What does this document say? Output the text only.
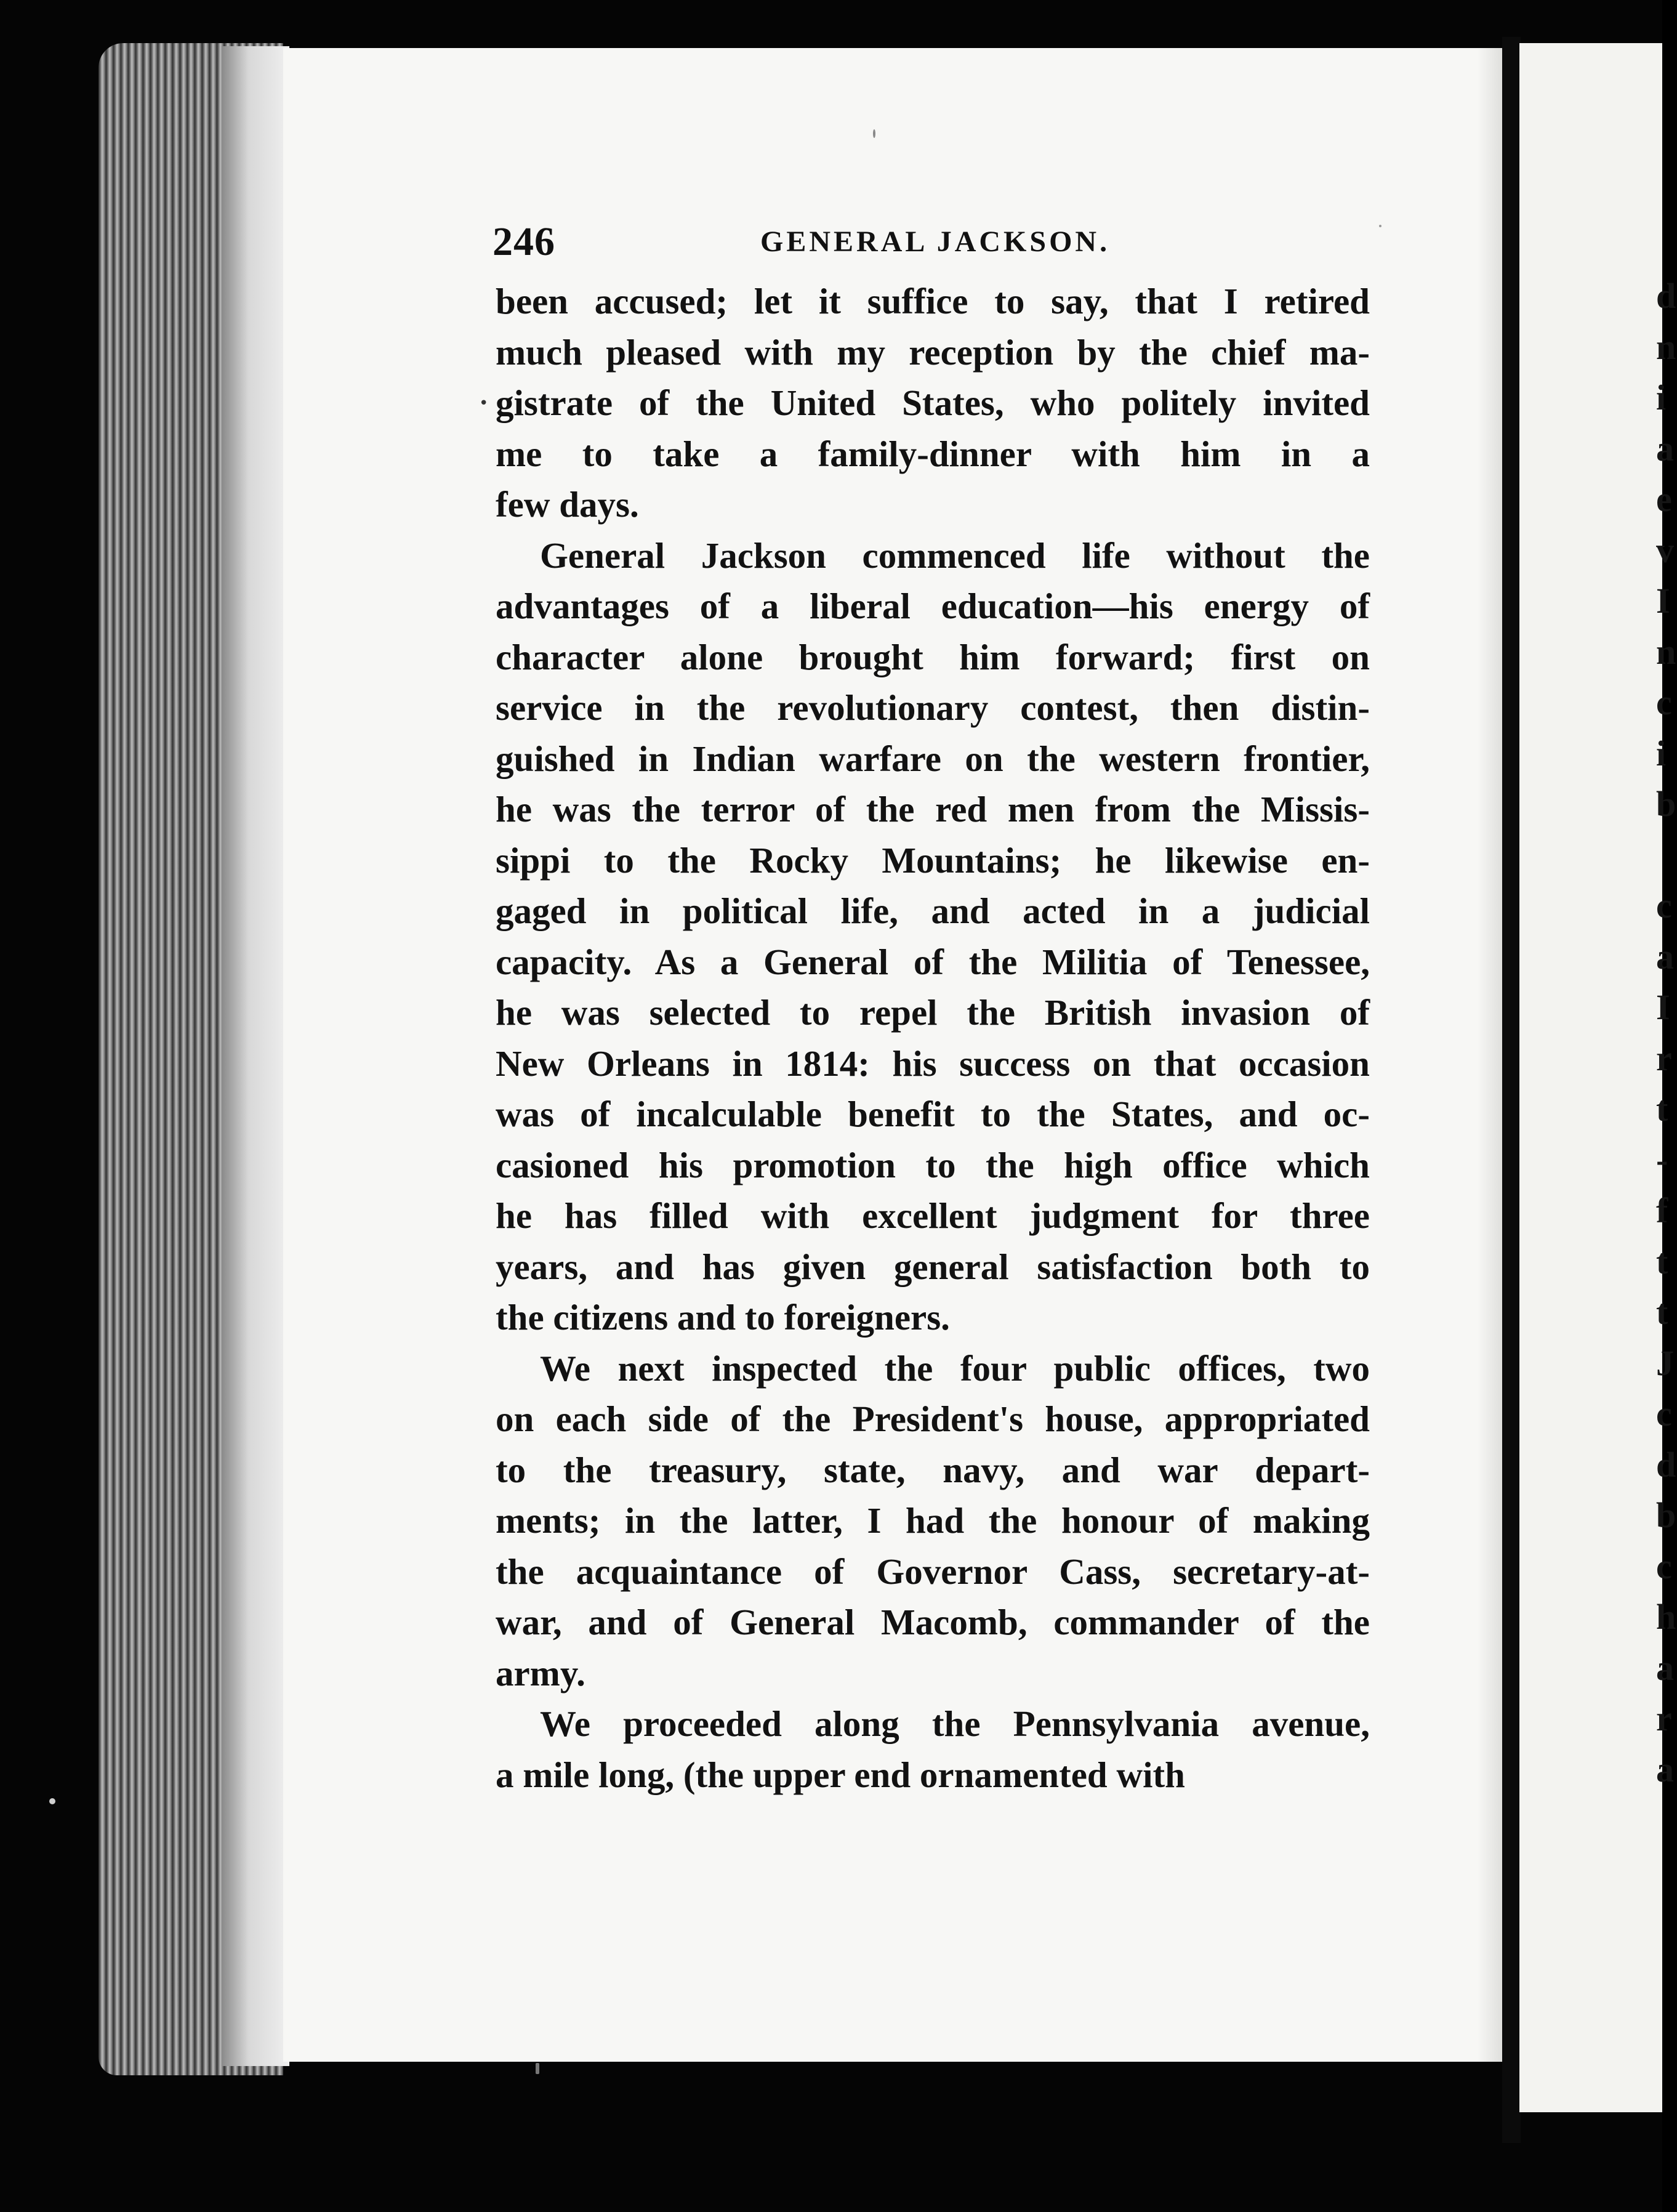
246	GENERAL JACKSON.
•
been accused; let it suffice to say, that I retired
much pleased with my reception by the chief ma-
gistrate of the United States, who politely invited
me to take a family-dinner with him in a
few days.
General Jackson commenced life without the
advantages of a liberal education—his energy of
character alone brought him forward; first on
service in the revolutionary contest, then distin-
guished in Indian warfare on the western frontier,
he was the terror of the red men from the Missis-
sippi to the Rocky Mountains; he likewise en-
gaged in political life, and acted in a judicial
capacity. As a General of the Militia of Tenessee,
he was selected to repel the British invasion of
New Orleans in 1814: his success on that occasion
was of incalculable benefit to the States, and oc-
casioned his promotion to the high office which
he has filled with excellent judgment for three
years, and has given general satisfaction both to
the citizens and to foreigners.
We next inspected the four public offices, two
on each side of the President's house, appropriated
to the treasury, state, navy, and war depart-
ments; in the latter, I had the honour of making
the acquaintance of Governor Cass, secretary-at-
war, and of General Macomb, commander of the
army.
We proceeded along the Pennsylvania avenue,
a mile long, (the upper end ornamented with
d
n
i
a
e
v
I
n
c
i
b
c
a
I
r
t
-
f
t
t
J
c
d
b
c
h
a
r
a
